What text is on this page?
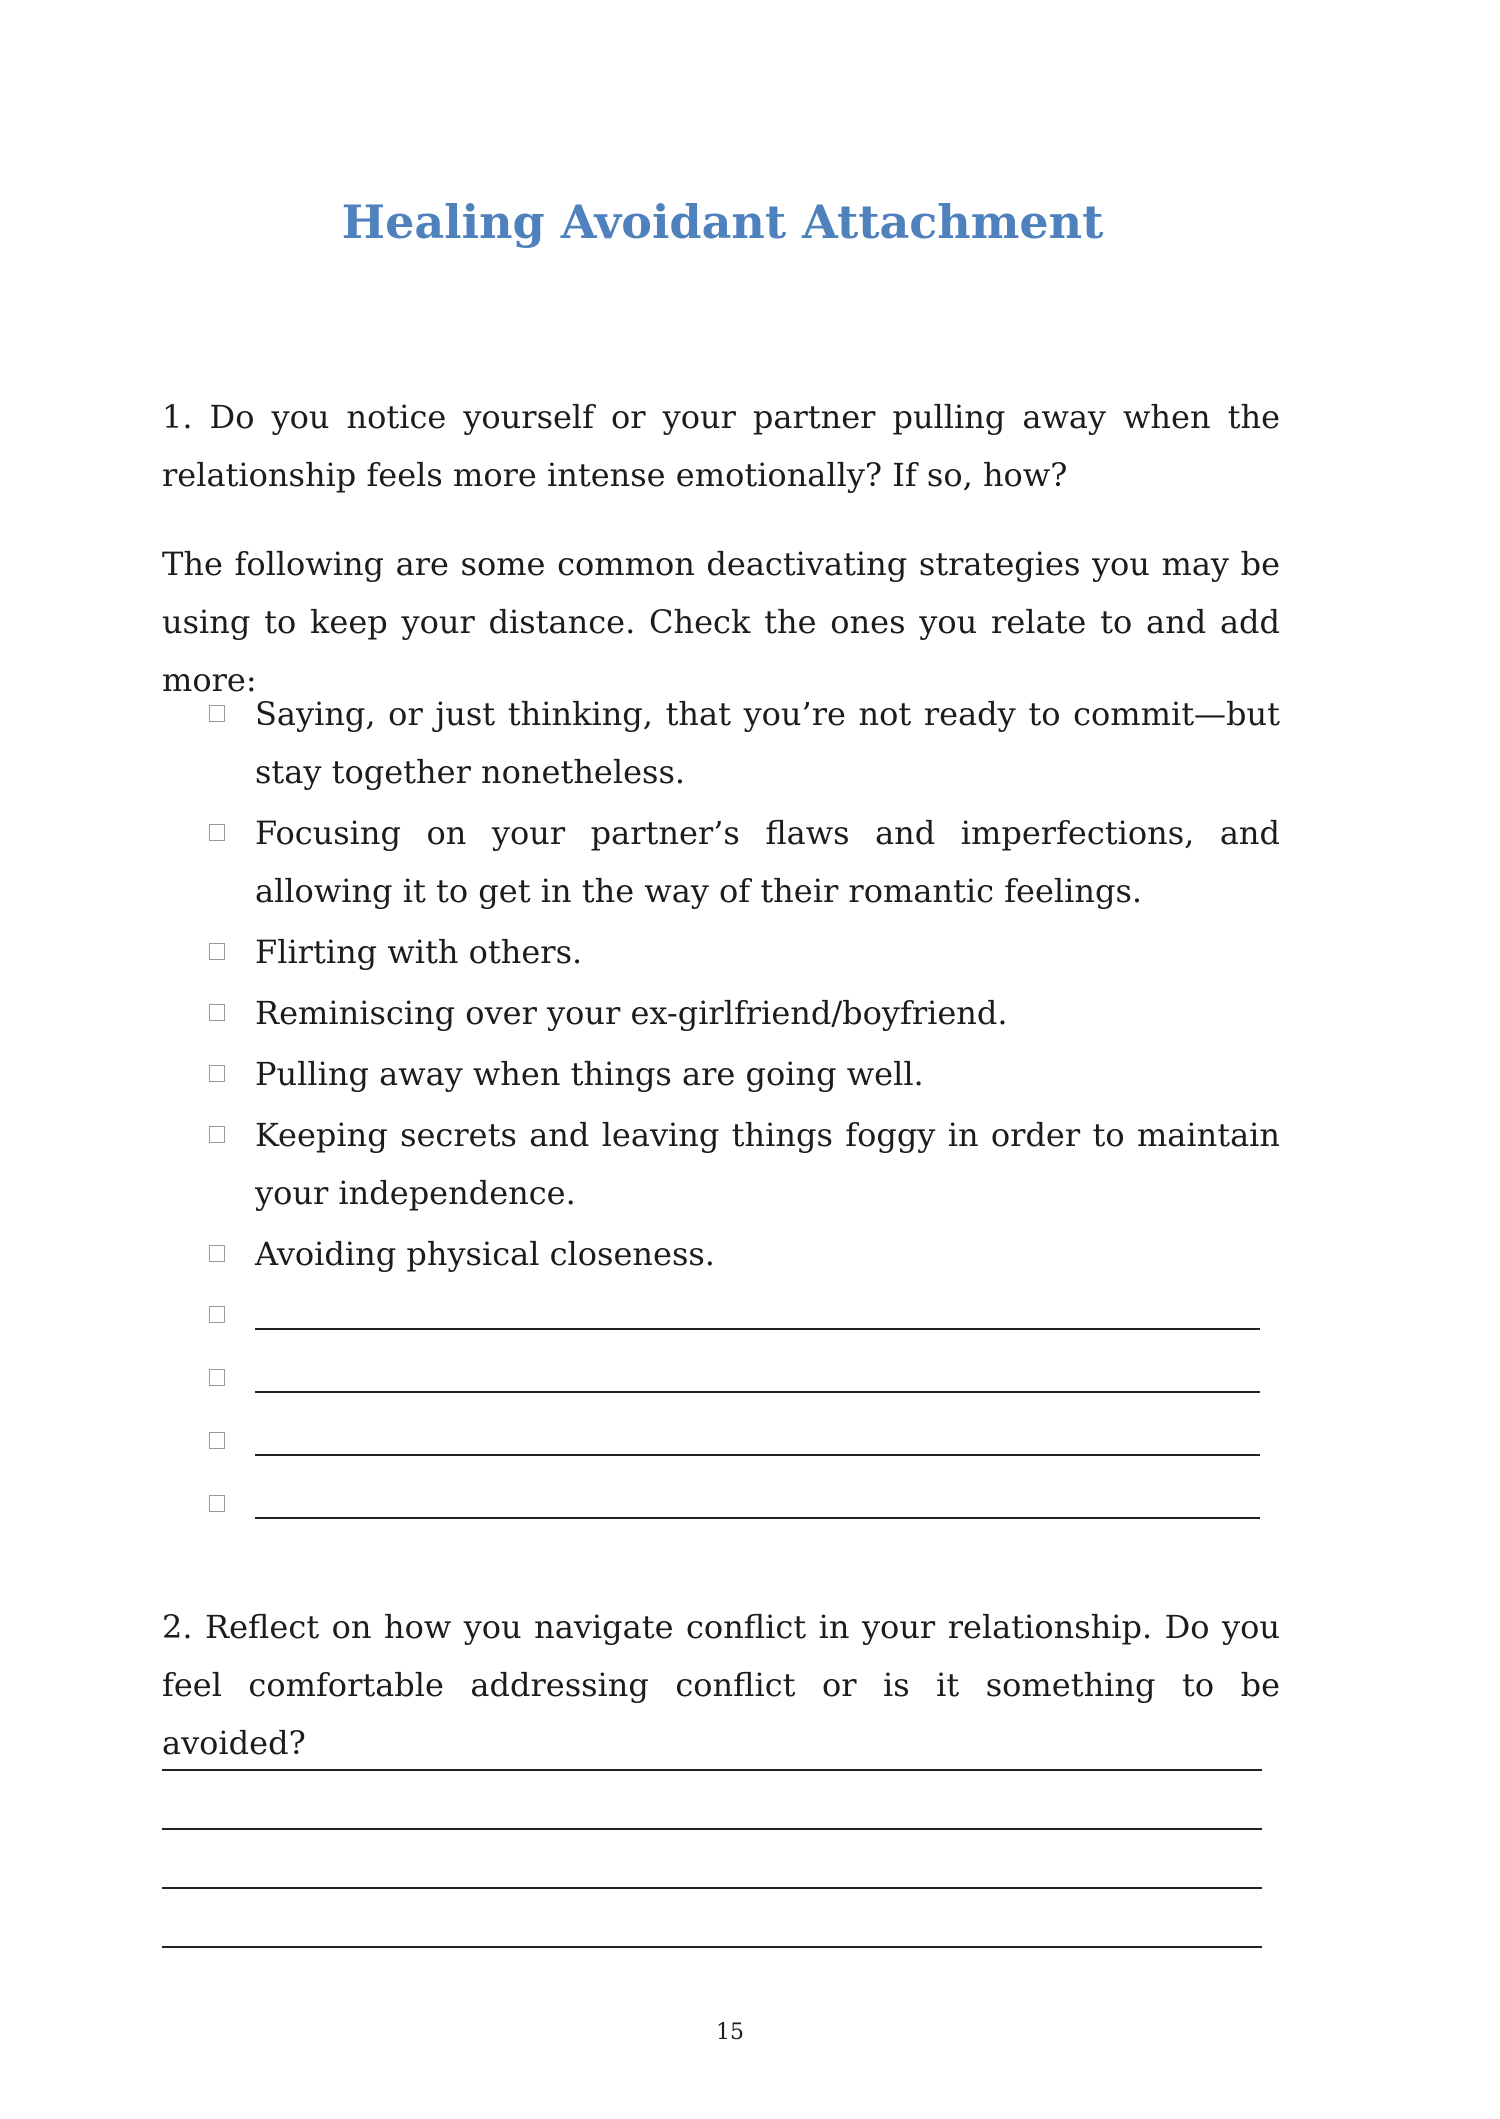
Healing Avoidant Attachment

1. Do you notice yourself or your partner pulling away when the relationship feels more intense emotionally? If so, how?

The following are some common deactivating strategies you may be using to keep your distance. Check the ones you relate to and add more:

Saying, or just thinking, that you’re not ready to commit—but stay together nonetheless.
Focusing on your partner’s flaws and imperfections, and allowing it to get in the way of their romantic feelings.
Flirting with others.
Reminiscing over your ex-girlfriend/boyfriend.
Pulling away when things are going well.
Keeping secrets and leaving things foggy in order to maintain your independence.
Avoiding physical closeness.

2. Reflect on how you navigate conflict in your relationship. Do you feel comfortable addressing conflict or is it something to be avoided?

15
